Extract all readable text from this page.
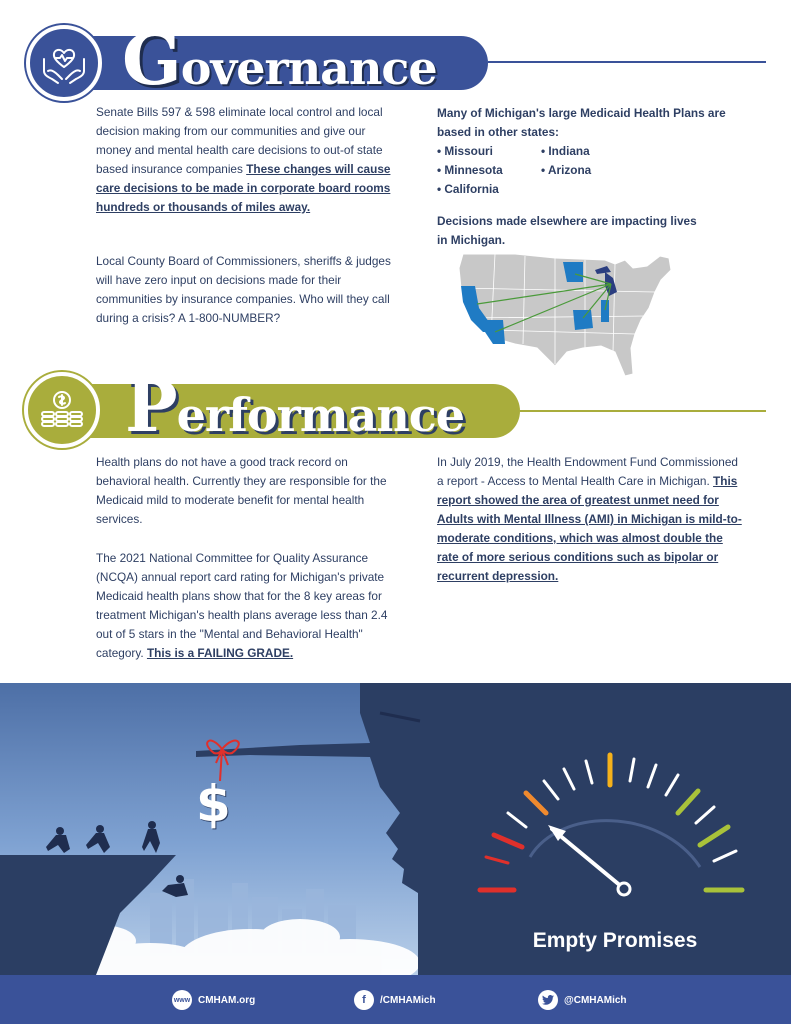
Governance
Senate Bills 597 & 598 eliminate local control and local decision making from our communities and give our money and mental health care decisions to out-of state based insurance companies These changes will cause care decisions to be made in corporate board rooms hundreds or thousands of miles away.
Local County Board of Commissioners, sheriffs & judges will have zero input on decisions made for their communities by insurance companies. Who will they call during a crisis? A 1-800-NUMBER?
Many of Michigan's large Medicaid Health Plans are based in other states:
• Missouri
• Minnesota
• California
• Indiana
• Arizona
Decisions made elsewhere are impacting lives in Michigan.
Performance
Health plans do not have a good track record on behavioral health. Currently they are responsible for the Medicaid mild to moderate benefit for mental health services.
The 2021 National Committee for Quality Assurance (NCQA) annual report card rating for Michigan's private Medicaid health plans show that for the 8 key areas for treatment Michigan's health plans average less than 2.4 out of 5 stars in the "Mental and Behavioral Health" category. This is a FAILING GRADE.
In July 2019, the Health Endowment Fund Commissioned a report - Access to Mental Health Care in Michigan. This report showed the area of greatest unmet need for Adults with Mental Illness (AMI) in Michigan is mild-to-moderate conditions, which was almost double the rate of more serious conditions such as bipolar or recurrent depression.
$
Empty Promises
www CMHAM.org	f	/CMHAMich	@CMHAMich
